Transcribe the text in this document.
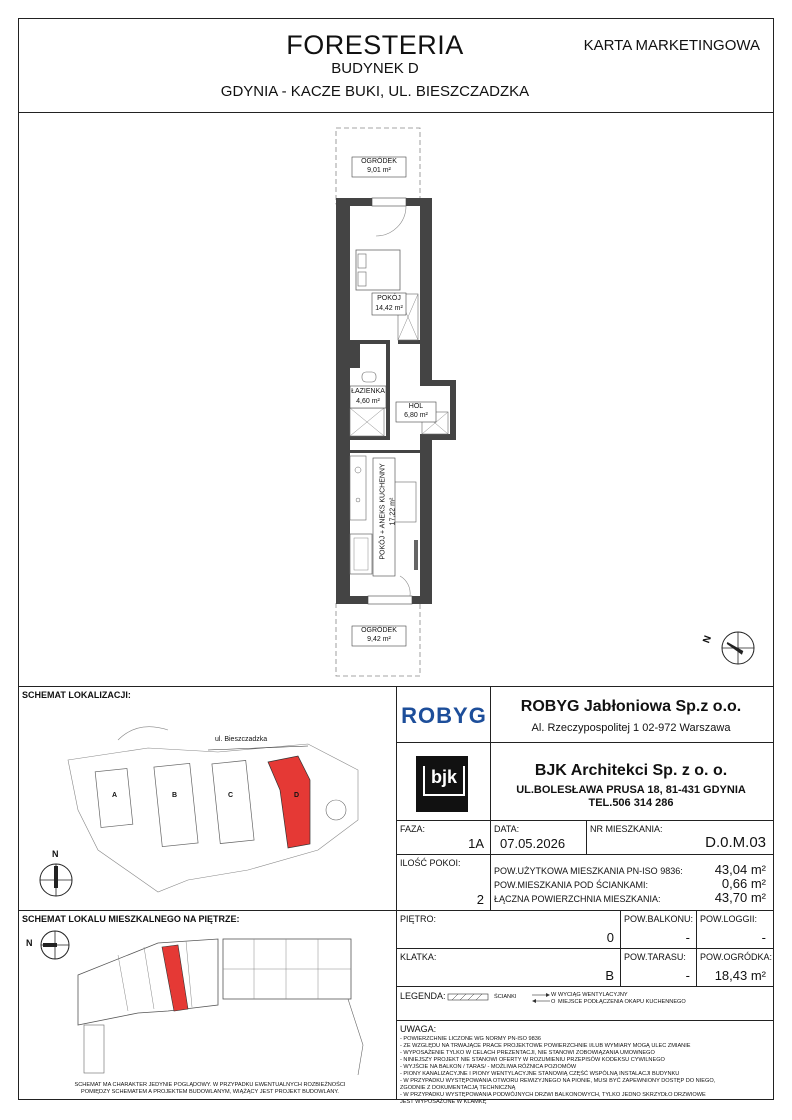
FORESTERIA
BUDYNEK D
GDYNIA - KACZE BUKI, UL. BIESZCZADZKA
KARTA MARKETINGOWA
OGRÓDEK
9,01 m²
POKÓJ
14,42 m²
ŁAZIENKA
4,60 m²
HOL
6,80 m²
OGRÓDEK
9,42 m²
POKÓJ + ANEKS KUCHENNY 17,22 m²
N
SCHEMAT LOKALIZACJI:
ul. Bieszczadzka
A	B	C	D
N
SCHEMAT LOKALU MIESZKALNEGO NA PIĘTRZE:
N
SCHEMAT MA CHARAKTER JEDYNIE POGLĄDOWY. W PRZYPADKU EWENTUALNYCH ROZBIEŻNOŚCI POMIĘDZY SCHEMATEM A PROJEKTEM BUDOWLANYM, WIĄŻĄCY JEST PROJEKT BUDOWLANY.
ROBYG	ROBYG Jabłoniowa Sp.z o.o.
Al. Rzeczypospolitej 1 02-972 Warszawa
bjk	BJK Architekci Sp. z o. o.
UL.BOLESŁAWA PRUSA 18, 81-431 GDYNIA
TEL.506 314 286
FAZA:
1A
DATA:
07.05.2026
NR MIESZKANIA:
D.0.M.03
ILOŚĆ POKOI:
2
POW.UŻYTKOWA MIESZKANIA PN-ISO 9836:	43,04 m²
POW.MIESZKANIA POD ŚCIANKAMI:	0,66 m²
ŁĄCZNA POWIERZCHNIA MIESZKANIA:	43,70 m²
PIĘTRO:
0
POW.BALKONU:
-
POW.LOGGII:
-
KLATKA:
B
POW.TARASU:
-
POW.OGRÓDKA:
18,43 m²
LEGENDA:	ŚCIANKI	W
O
WYCIĄG WENTYLACYJNY
MIEJSCE PODŁĄCZENIA OKAPU KUCHENNEGO
UWAGA:
- POWIERZCHNIE LICZONE WG NORMY PN-ISO 9836
- ZE WZGLĘDU NA TRWAJĄCE PRACE PROJEKTOWE POWIERZCHNIE I/LUB WYMIARY MOGĄ ULEC ZMIANIE
- WYPOSAŻENIE TYLKO W CELACH PREZENTACJI, NIE STANOWI ZOBOWIĄZANIA UMOWNEGO
- NINIEJSZY PROJEKT NIE STANOWI OFERTY W ROZUMIENIU PRZEPISÓW KODEKSU CYWILNEGO
- WYJŚCIE NA BALKON / TARAS/ - MOŻLIWA RÓŻNICA POZIOMÓW
- PIONY KANALIZACYJNE I PIONY WENTYLACYJNE STANOWIĄ CZĘŚĆ WSPÓLNĄ INSTALACJI BUDYNKU
- W PRZYPADKU WYSTĘPOWANIA OTWORU REWIZYJNEGO NA PIONIE, MUSI BYĆ ZAPEWNIONY DOSTĘP DO NIEGO, ZGODNIE Z DOKUMENTACJĄ TECHNICZNĄ
- W PRZYPADKU WYSTĘPOWANIA PODWÓJNYCH DRZWI BALKONOWYCH, TYLKO JEDNO SKRZYDŁO DRZWIOWE JEST WYPOSAŻONE W KLAMKĘ
